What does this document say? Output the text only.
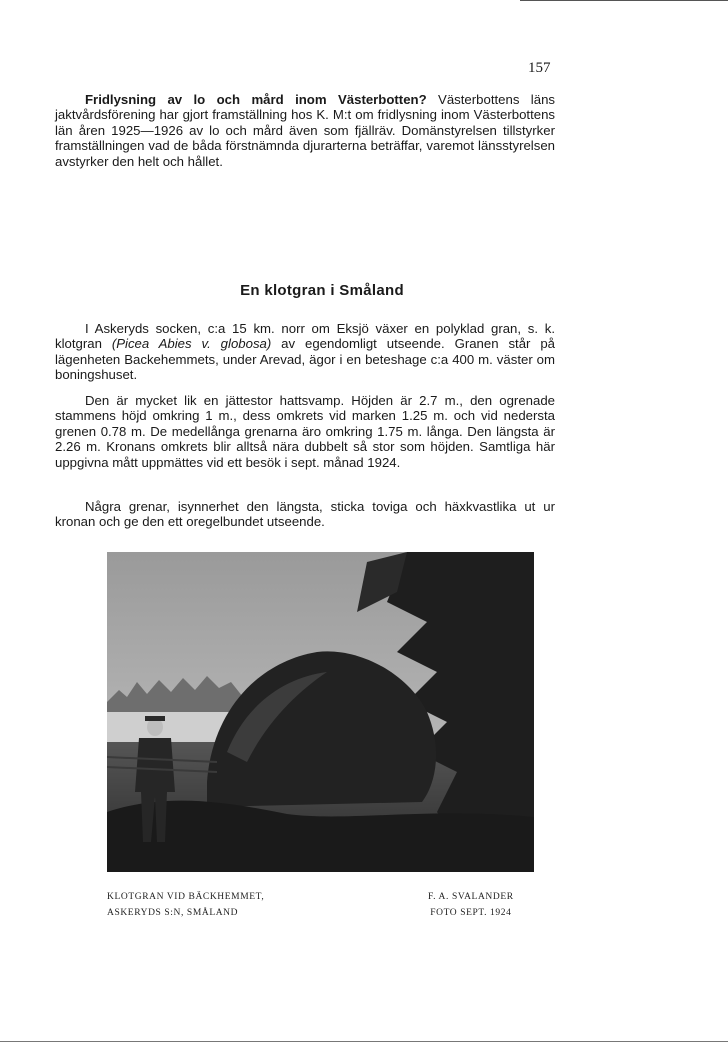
157

Fridlysning av lo och mård inom Västerbotten? Västerbottens läns jaktvårdsförening har gjort framställning hos K. M:t om fridlysning inom Västerbottens län åren 1925—1926 av lo och mård även som fjällräv. Domänstyrelsen tillstyrker framställningen vad de båda förstnämnda djurarterna beträffar, varemot länsstyrelsen avstyrker den helt och hållet.

En klotgran i Småland

I Askeryds socken, c:a 15 km. norr om Eksjö växer en polyklad gran, s. k. klotgran (Picea Abies v. globosa) av egendomligt utseende. Granen står på lägenheten Backehemmets, under Arevad, ägor i en beteshage c:a 400 m. väster om boningshuset.

Den är mycket lik en jättestor hattsvamp. Höjden är 2.7 m., den ogrenade stammens höjd omkring 1 m., dess omkrets vid marken 1.25 m. och vid nedersta grenen 0.78 m. De medellånga grenarna äro omkring 1.75 m. långa. Den längsta är 2.26 m. Kronans omkrets blir alltså nära dubbelt så stor som höjden. Samtliga här uppgivna mått uppmättes vid ett besök i sept. månad 1924.

Några grenar, isynnerhet den längsta, sticka toviga och häxkvastlika ut ur kronan och ge den ett oregelbundet utseende.

KLOTGRAN VID BÄCKHEMMET,
ASKERYDS S:N, SMÅLAND
F. A. SVALANDER
FOTO SEPT. 1924
